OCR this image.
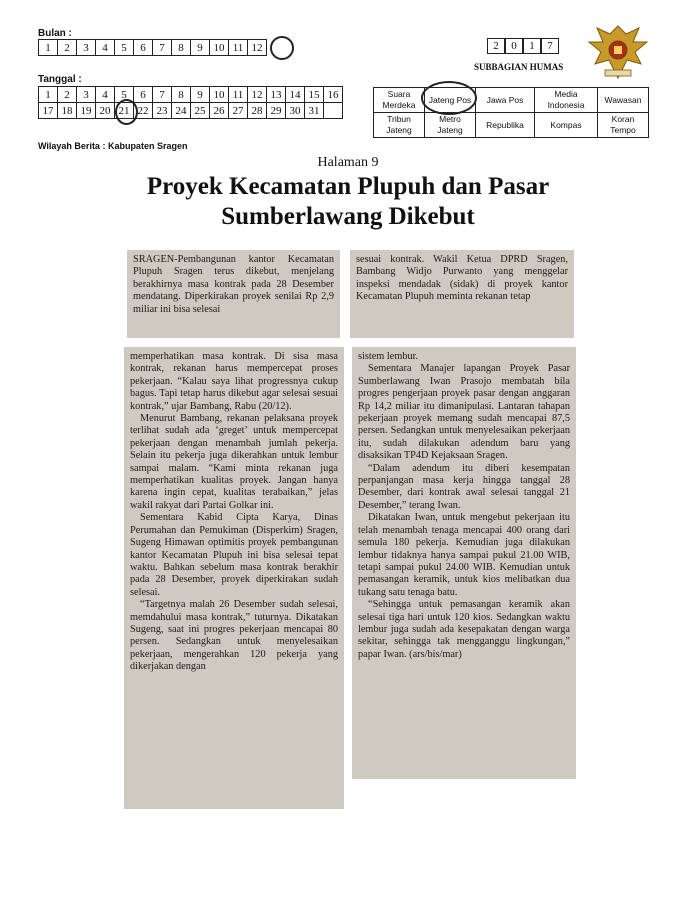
Bulan :
1	2	3	4	5	6	7	8	9	10	11	12
Tanggal :
1	2	3	4	5	6	7	8	9	10	11	12	13	14	15	16
17	18	19	20	21	22	23	24	25	26	27	28	29	30	31	
2 0 1 7
SUBBAGIAN HUMAS
Suara Merdeka	Jateng Pos	Jawa Pos	Media Indonesia	Wawasan
Tribun Jateng	Metro Jateng	Republika	Kompas	Koran Tempo
Wilayah Berita : Kabupaten Sragen
Halaman 9
Proyek Kecamatan Plupuh dan Pasar
Sumberlawang Dikebut

SRAGEN-Pembangunan kantor Kecamatan Plupuh Sragen terus dikebut, menjelang berakhirnya masa kontrak pada 28 Desember mendatang. Diperkirakan proyek senilai Rp 2,9 miliar ini bisa selesai

sesuai kontrak. Wakil Ketua DPRD Sragen, Bambang Widjo Purwanto yang menggelar inspeksi mendadak (sidak) di proyek kantor Kecamatan Plupuh meminta rekanan tetap

memperhatikan masa kontrak. Di sisa masa kontrak, rekanan harus mempercepat proses pekerjaan. “Kalau saya lihat progressnya cukup bagus. Tapi tetap harus dikebut agar selesai sesuai kontrak,” ujar Bambang, Rabu (20/12).

Menurut Bambang, rekanan pelaksana proyek terlihat sudah ada ‘greget’ untuk mempercepat pekerjaan dengan menambah jumlah pekerja. Selain itu pekerja juga dikerahkan untuk lembur sampai malam. “Kami minta rekanan juga memperhatikan kualitas proyek. Jangan hanya karena ingin cepat, kualitas terabaikan,” jelas wakil rakyat dari Partai Golkar ini.

Sementara Kabid Cipta Karya, Dinas Perumahan dan Pemukiman (Disperkim) Sragen, Sugeng Himawan optimitis proyek pembangunan kantor Kecamatan Plupuh ini bisa selesai tepat waktu. Bahkan sebelum masa kontrak berakhir pada 28 Desember, proyek diperkirakan sudah selesai.

“Targetnya malah 26 Desember sudah selesai, memdahului masa kontrak,” tuturnya. Dikatakan Sugeng, saat ini progres pekerjaan mencapai 80 persen. Sedangkan untuk menyelesaikan pekerjaan, mengerahkan 120 pekerja yang dikerjakan dengan

sistem lembur.

Sementara Manajer lapangan Proyek Pasar Sumberlawang Iwan Prasojo membatah bila progres pengerjaan proyek pasar dengan anggaran Rp 14,2 miliar itu dimanipulasi. Lantaran tahapan pekerjaan proyek memang sudah mencapai 87,5 persen. Sedangkan untuk menyelesaikan pekerjaan itu, sudah dilakukan adendum baru yang disaksikan TP4D Kejaksaan Sragen.

“Dalam adendum itu diberi kesempatan perpanjangan masa kerja hingga tanggal 28 Desember, dari kontrak awal selesai tanggal 21 Desember,” terang Iwan.

Dikatakan Iwan, untuk mengebut pekerjaan itu telah menambah tenaga mencapai 400 orang dari semula 180 pekerja. Kemudian juga dilakukan lembur tidaknya hanya sampai pukul 21.00 WIB, tetapi sampai pukul 24.00 WIB. Kemudian untuk pemasangan keramik, untuk kios melibatkan dua tukang satu tenaga batu.

“Sehingga untuk pemasangan keramik akan selesai tiga hari untuk 120 kios. Sedangkan waktu lembur juga sudah ada kesepakatan dengan warga sekitar, sehingga tak mengganggu lingkungan,” papar Iwan. (ars/bis/mar)
